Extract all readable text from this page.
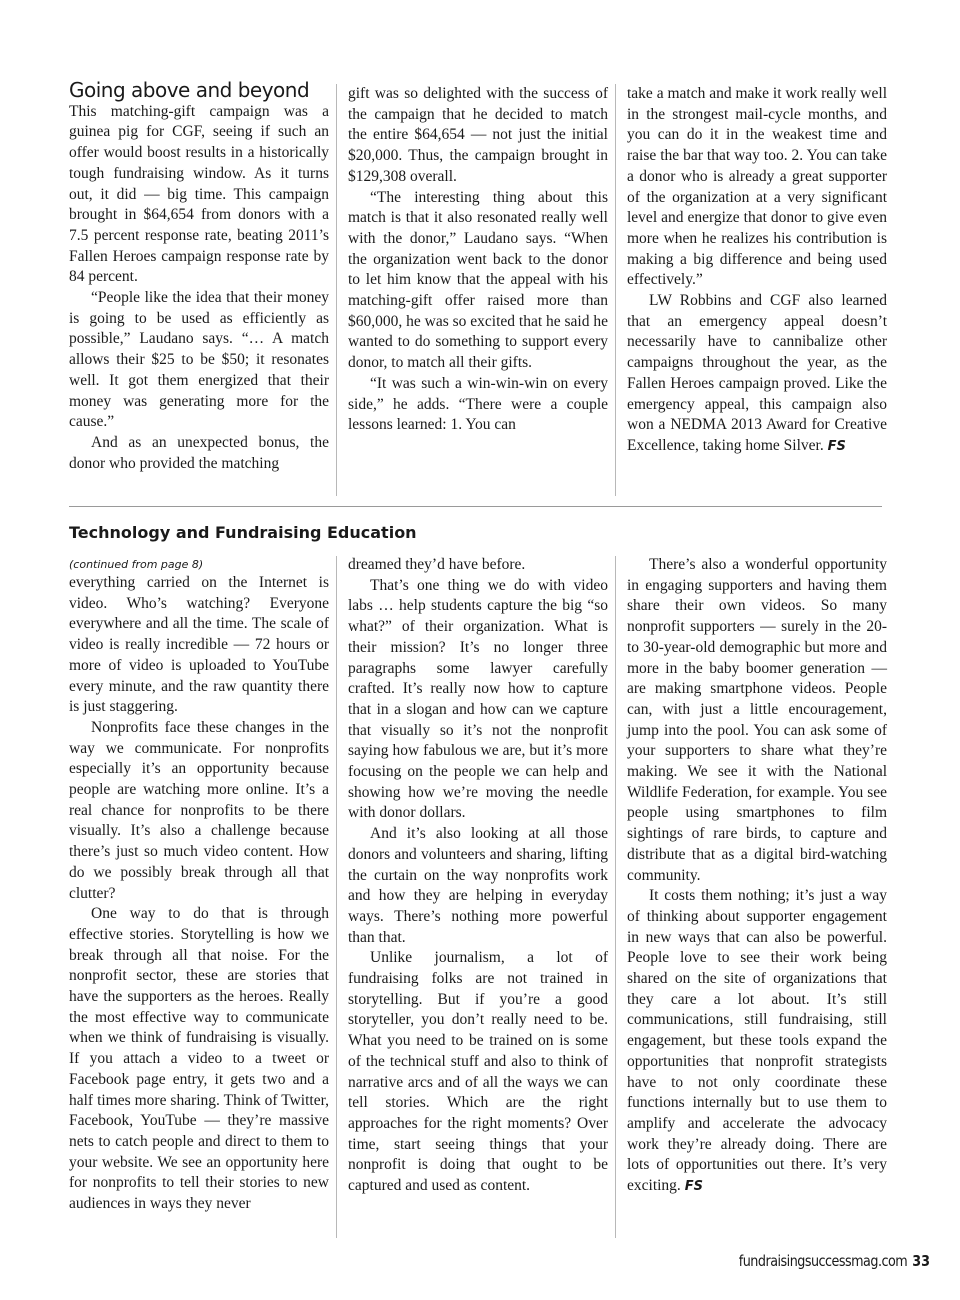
Going above and beyond

This matching-gift campaign was a guinea pig for CGF, seeing if such an offer would boost results in a historically tough fundraising window. As it turns out, it did — big time. This campaign brought in $64,654 from donors with a 7.5 percent response rate, beating 2011’s Fallen Heroes campaign response rate by 84 percent.

“People like the idea that their money is going to be used as efficiently as possible,” Laudano says. “… A match allows their $25 to be $50; it resonates well. It got them energized that their money was generating more for the cause.”

And as an unexpected bonus, the donor who provided the matching

gift was so delighted with the success of the campaign that he decided to match the entire $64,654 — not just the initial $20,000. Thus, the campaign brought in $129,308 overall.

“The interesting thing about this match is that it also resonated really well with the donor,” Laudano says. “When the organization went back to the donor to let him know that the appeal with his matching-gift offer raised more than $60,000, he was so excited that he said he wanted to do something to support every donor, to match all their gifts.

“It was such a win-win-win on every side,” he adds. “There were a couple lessons learned: 1. You can

take a match and make it work really well in the strongest mail-cycle months, and you can do it in the weakest time and raise the bar that way too. 2. You can take a donor who is already a great supporter of the organization at a very significant level and energize that donor to give even more when he realizes his contribution is making a big difference and being used effectively.”

LW Robbins and CGF also learned that an emergency appeal doesn’t necessarily have to cannibalize other campaigns throughout the year, as the Fallen Heroes campaign proved. Like the emergency appeal, this campaign also won a NEDMA 2013 Award for Creative Excellence, taking home Silver. FS

Technology and Fundraising Education

(continued from page 8)

everything carried on the Internet is video. Who’s watching? Everyone everywhere and all the time. The scale of video is really incredible — 72 hours or more of video is uploaded to YouTube every minute, and the raw quantity there is just staggering.

Nonprofits face these changes in the way we communicate. For nonprofits especially it’s an opportunity because people are watching more online. It’s a real chance for nonprofits to be there visually. It’s also a challenge because there’s just so much video content. How do we possibly break through all that clutter?

One way to do that is through effective stories. Storytelling is how we break through all that noise. For the nonprofit sector, these are stories that have the supporters as the heroes. Really the most effective way to communicate when we think of fundraising is visually. If you attach a video to a tweet or Facebook page entry, it gets two and a half times more sharing. Think of Twitter, Facebook, YouTube — they’re massive nets to catch people and direct to them to your website. We see an opportunity here for nonprofits to tell their stories to new audiences in ways they never

dreamed they’d have before.

That’s one thing we do with video labs … help students capture the big “so what?” of their organization. What is their mission? It’s no longer three paragraphs some lawyer carefully crafted. It’s really now how to capture that in a slogan and how can we capture that visually so it’s not the nonprofit saying how fabulous we are, but it’s more focusing on the people we can help and showing how we’re moving the needle with donor dollars.

And it’s also looking at all those donors and volunteers and sharing, lifting the curtain on the way nonprofits work and how they are helping in everyday ways. There’s nothing more powerful than that.

Unlike journalism, a lot of fundraising folks are not trained in storytelling. But if you’re a good storyteller, you don’t really need to be. What you need to be trained on is some of the technical stuff and also to think of narrative arcs and of all the ways we can tell stories. Which are the right approaches for the right moments? Over time, start seeing things that your nonprofit is doing that ought to be captured and used as content.

There’s also a wonderful opportunity in engaging supporters and having them share their own videos. So many nonprofit supporters — surely in the 20- to 30-year-old demographic but more and more in the baby boomer generation — are making smartphone videos. People can, with just a little encouragement, jump into the pool. You can ask some of your supporters to share what they’re making. We see it with the National Wildlife Federation, for example. You see people using smartphones to film sightings of rare birds, to capture and distribute that as a digital bird-watching community.

It costs them nothing; it’s just a way of thinking about supporter engagement in new ways that can also be powerful. People love to see their work being shared on the site of organizations that they care a lot about. It’s still communications, still fundraising, still engagement, but these tools expand the opportunities that nonprofit strategists have to not only coordinate these functions internally but to use them to amplify and accelerate the advocacy work they’re already doing. There are lots of opportunities out there. It’s very exciting. FS

fundraisingsuccessmag.com 33
